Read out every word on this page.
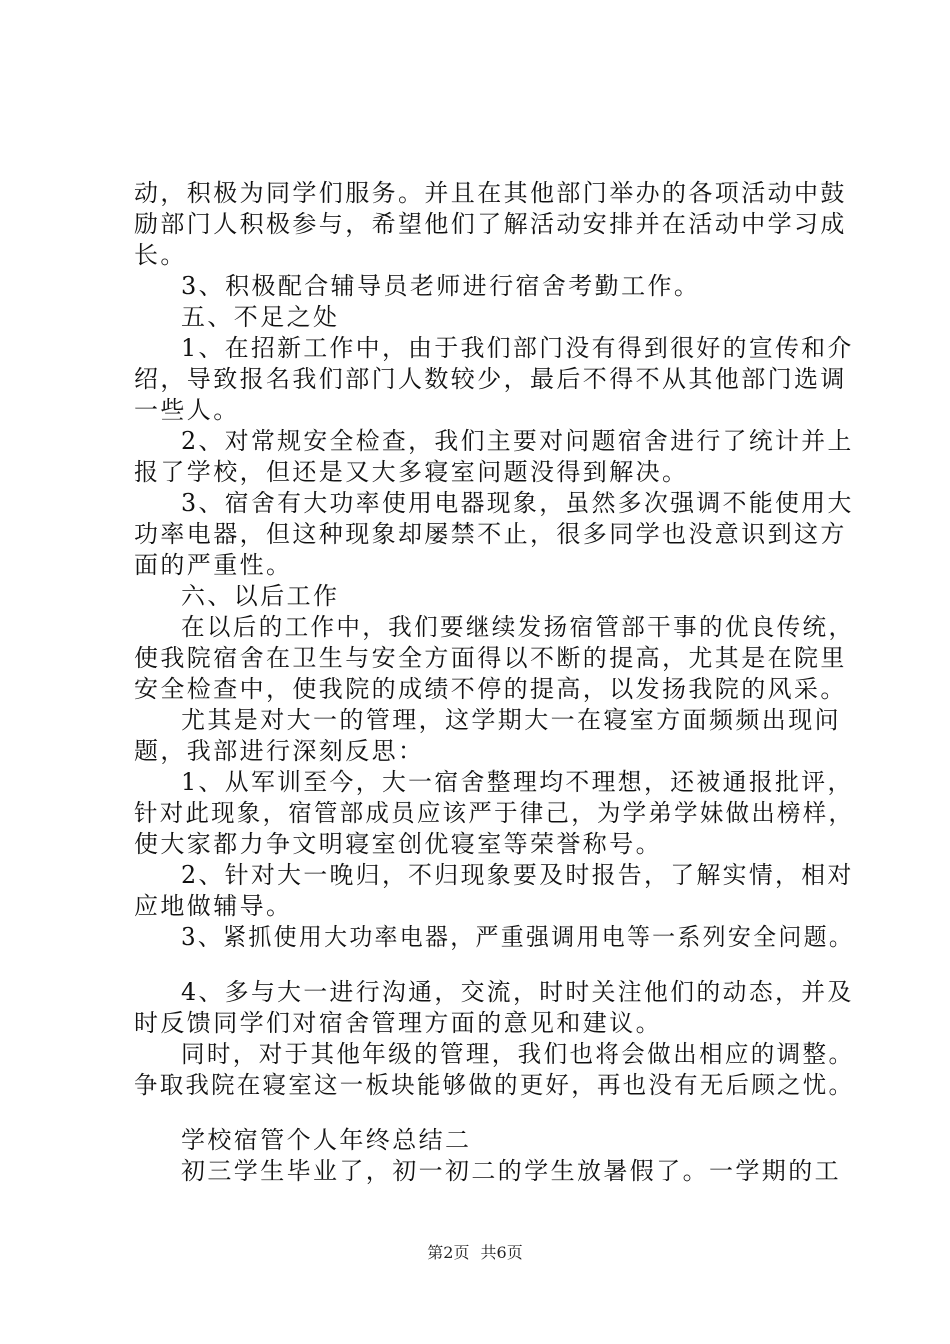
动，积极为同学们服务。并且在其他部门举办的各项活动中鼓
励部门人积极参与，希望他们了解活动安排并在活动中学习成
长。
3、积极配合辅导员老师进行宿舍考勤工作。
五、不足之处
1、在招新工作中，由于我们部门没有得到很好的宣传和介
绍，导致报名我们部门人数较少，最后不得不从其他部门选调
一些人。
2、对常规安全检查，我们主要对问题宿舍进行了统计并上
报了学校，但还是又大多寝室问题没得到解决。
3、宿舍有大功率使用电器现象，虽然多次强调不能使用大
功率电器，但这种现象却屡禁不止，很多同学也没意识到这方
面的严重性。
六、以后工作
在以后的工作中，我们要继续发扬宿管部干事的优良传统，
使我院宿舍在卫生与安全方面得以不断的提高，尤其是在院里
安全检查中，使我院的成绩不停的提高，以发扬我院的风采。
尤其是对大一的管理，这学期大一在寝室方面频频出现问
题，我部进行深刻反思：
1、从军训至今，大一宿舍整理均不理想，还被通报批评，
针对此现象，宿管部成员应该严于律己，为学弟学妹做出榜样，
使大家都力争文明寝室创优寝室等荣誉称号。
2、针对大一晚归，不归现象要及时报告，了解实情，相对
应地做辅导。
3、紧抓使用大功率电器，严重强调用电等一系列安全问题。
4、多与大一进行沟通，交流，时时关注他们的动态，并及
时反馈同学们对宿舍管理方面的意见和建议。
同时，对于其他年级的管理，我们也将会做出相应的调整。
争取我院在寝室这一板块能够做的更好，再也没有无后顾之忧。
学校宿管个人年终总结二
初三学生毕业了，初一初二的学生放暑假了。一学期的工
第2页 共6页
